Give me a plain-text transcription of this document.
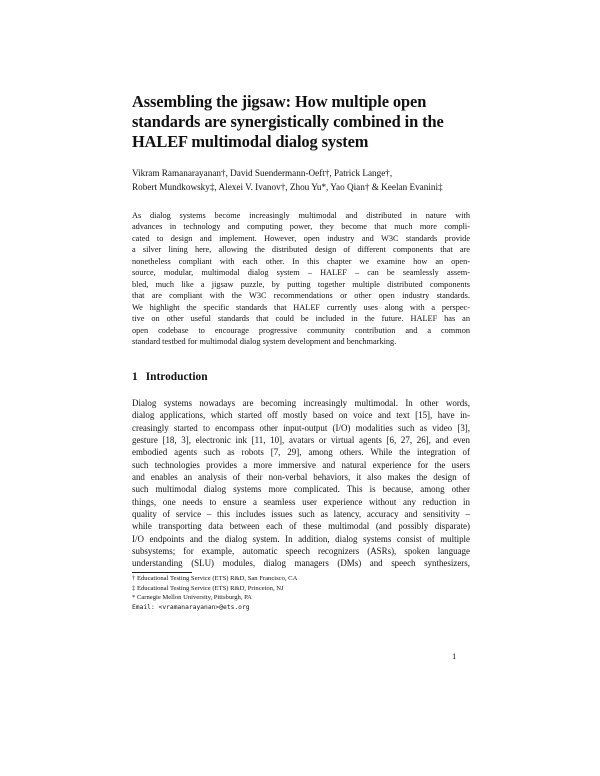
Assembling the jigsaw: How multiple open
standards are synergistically combined in the
HALEF multimodal dialog system
Vikram Ramanarayanan†, David Suendermann-Oeft†, Patrick Lange†,
Robert Mundkowsky‡, Alexei V. Ivanov†, Zhou Yu*, Yao Qian† & Keelan Evanini‡
As dialog systems become increasingly multimodal and distributed in nature with
advances in technology and computing power, they become that much more compli-
cated to design and implement. However, open industry and W3C standards provide
a silver lining here, allowing the distributed design of different components that are
nonetheless compliant with each other. In this chapter we examine how an open-
source, modular, multimodal dialog system – HALEF – can be seamlessly assem-
bled, much like a jigsaw puzzle, by putting together multiple distributed components
that are compliant with the W3C recommendations or other open industry standards.
We highlight the specific standards that HALEF currently uses along with a perspec-
tive on other useful standards that could be included in the future. HALEF has an
open codebase to encourage progressive community contribution and a common
standard testbed for multimodal dialog system development and benchmarking.
1 Introduction
Dialog systems nowadays are becoming increasingly multimodal. In other words,
dialog applications, which started off mostly based on voice and text [15], have in-
creasingly started to encompass other input-output (I/O) modalities such as video [3],
gesture [18, 3], electronic ink [11, 10], avatars or virtual agents [6, 27, 26], and even
embodied agents such as robots [7, 29], among others. While the integration of
such technologies provides a more immersive and natural experience for the users
and enables an analysis of their non-verbal behaviors, it also makes the design of
such multimodal dialog systems more complicated. This is because, among other
things, one needs to ensure a seamless user experience without any reduction in
quality of service – this includes issues such as latency, accuracy and sensitivity –
while transporting data between each of these multimodal (and possibly disparate)
I/O endpoints and the dialog system. In addition, dialog systems consist of multiple
subsystems; for example, automatic speech recognizers (ASRs), spoken language
understanding (SLU) modules, dialog managers (DMs) and speech synthesizers,
† Educational Testing Service (ETS) R&D, San Francisco, CA
‡ Educational Testing Service (ETS) R&D, Princeton, NJ
* Carnegie Mellon University, Pittsburgh, PA
Email: <vramanarayanan>@ets.org
1
